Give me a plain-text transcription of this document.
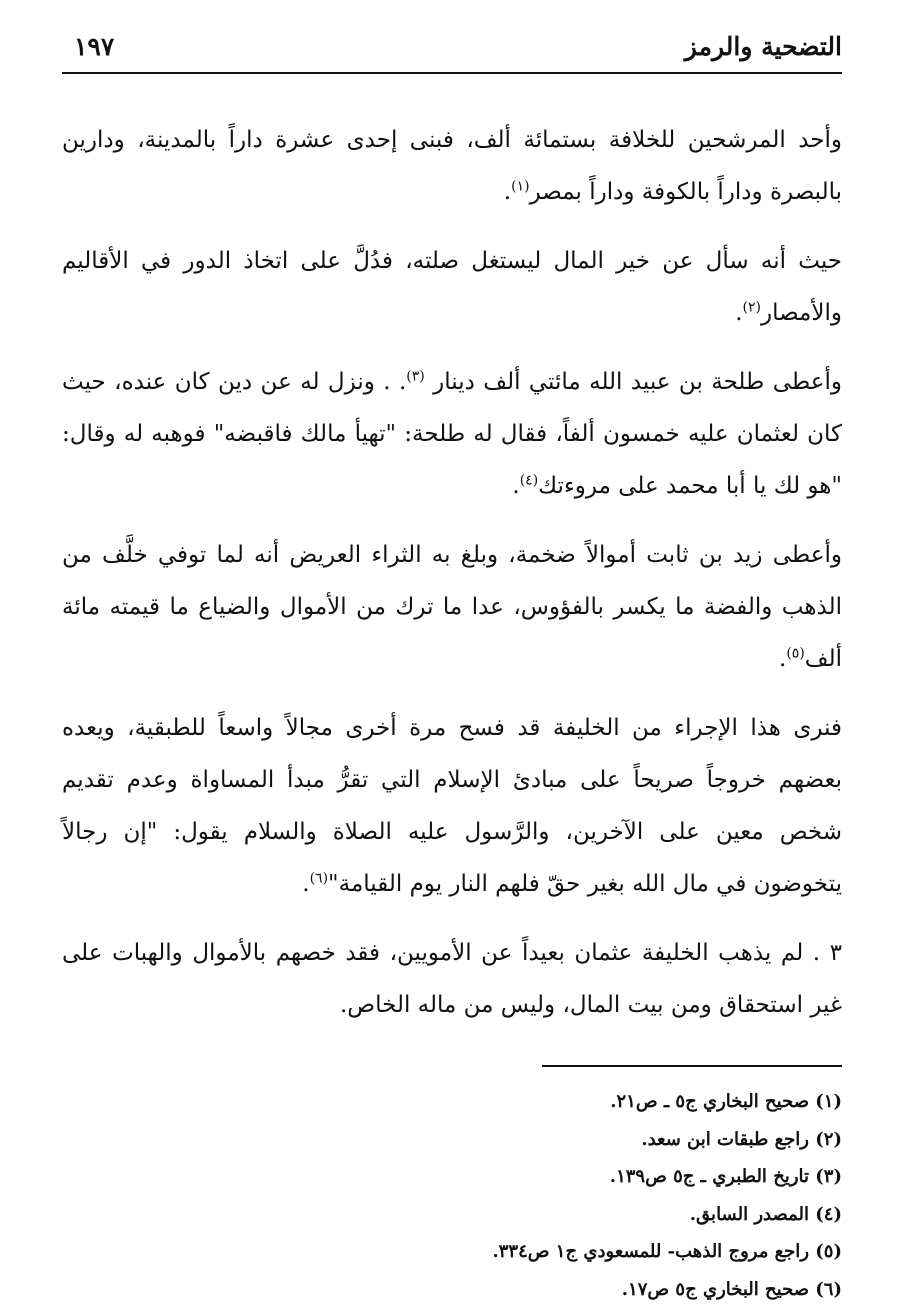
التضحية والرمز
١٩٧

وأحد المرشحين للخلافة بستمائة ألف، فبنى إحدى عشرة داراً بالمدينة، ودارين بالبصرة وداراً بالكوفة وداراً بمصر$^{(١)}$.

حيث أنه سأل عن خير المال ليستغل صلته، فدُلَّ على اتخاذ الدور في الأقاليم والأمصار$^{(٢)}$.

وأعطى طلحة بن عبيد الله مائتي ألف دينار $^{(٣)}$. . ونزل له عن دين كان عنده، حيث كان لعثمان عليه خمسون ألفاً، فقال له طلحة: "تهيأ مالك فاقبضه" فوهبه له وقال: "هو لك يا أبا محمد على مروءتك$^{(٤)}$.

وأعطى زيد بن ثابت أموالاً ضخمة، وبلغ به الثراء العريض أنه لما توفي خلَّف من الذهب والفضة ما يكسر بالفؤوس، عدا ما ترك من الأموال والضياع ما قيمته مائة ألف$^{(٥)}$.

فنرى هذا الإجراء من الخليفة قد فسح مرة أخرى مجالاً واسعاً للطبقية، ويعده بعضهم خروجاً صريحاً على مبادئ الإسلام التي تقرُّ مبدأ المساواة وعدم تقديم شخص معين على الآخرين، والرَّسول عليه الصلاة والسلام يقول: "إن رجالاً يتخوضون في مال الله بغير حقّ فلهم النار يوم القيامة"$^{(٦)}$.

٣ . لم يذهب الخليفة عثمان بعيداً عن الأمويين، فقد خصهم بالأموال والهبات على غير استحقاق ومن بيت المال، وليس من ماله الخاص.

(١) صحيح البخاري ج٥ ـ ص٢١.
(٢) راجع طبقات ابن سعد.
(٣) تاريخ الطبري ـ ج٥ ص١٣٩.
(٤) المصدر السابق.
(٥) راجع مروج الذهب- للمسعودي ج١ ص٣٣٤.
(٦) صحيح البخاري ج٥ ص١٧.
